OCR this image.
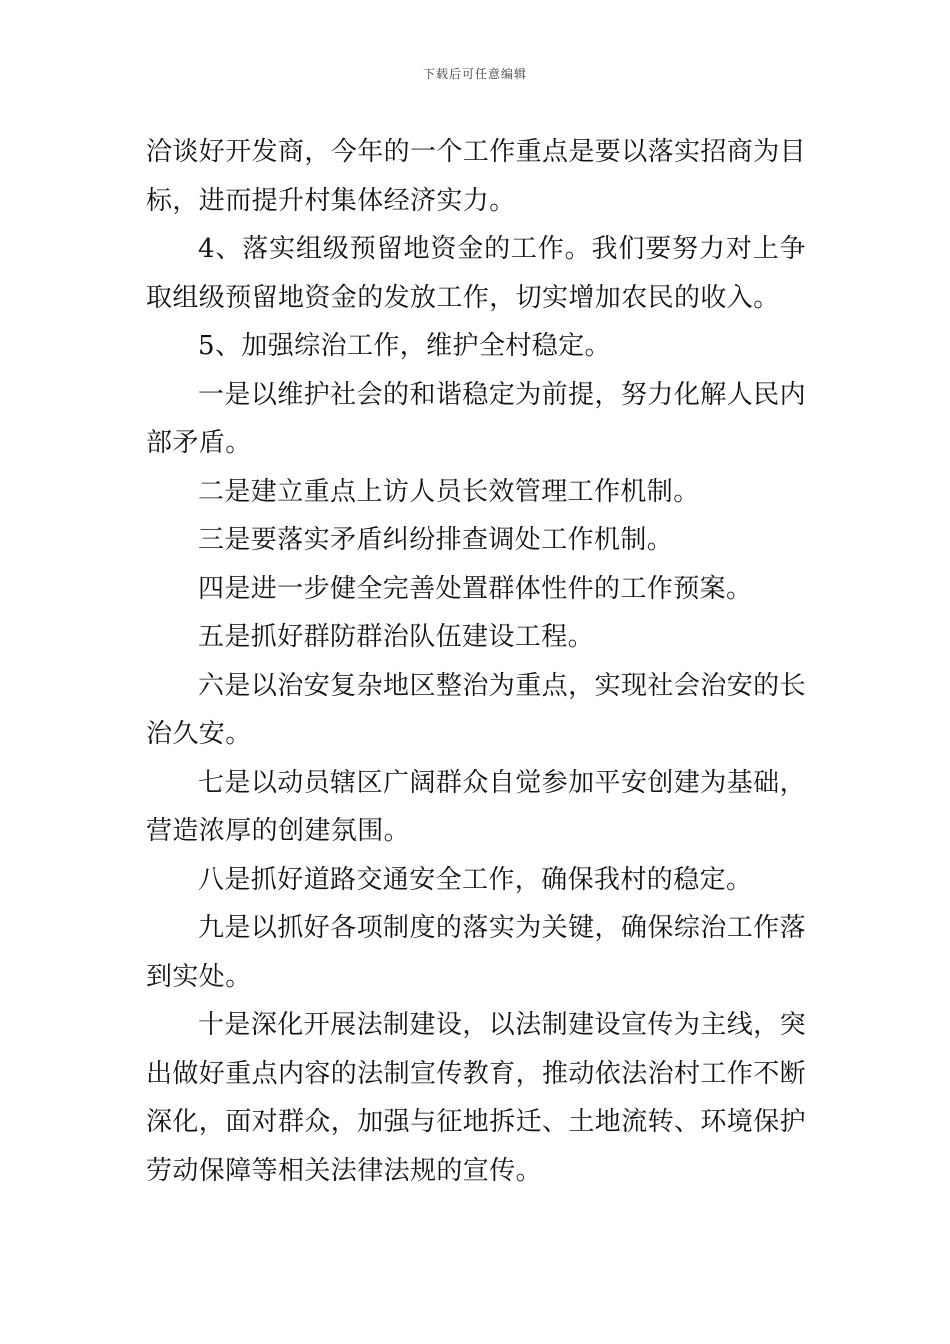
下载后可任意编辑

洽谈好开发商，今年的一个工作重点是要以落实招商为目标，进而提升村集体经济实力。

4、落实组级预留地资金的工作。我们要努力对上争取组级预留地资金的发放工作，切实增加农民的收入。

5、加强综治工作，维护全村稳定。

一是以维护社会的和谐稳定为前提，努力化解人民内部矛盾。

二是建立重点上访人员长效管理工作机制。

三是要落实矛盾纠纷排查调处工作机制。

四是进一步健全完善处置群体性件的工作预案。

五是抓好群防群治队伍建设工程。

六是以治安复杂地区整治为重点，实现社会治安的长治久安。

七是以动员辖区广阔群众自觉参加平安创建为基础，营造浓厚的创建氛围。

八是抓好道路交通安全工作，确保我村的稳定。

九是以抓好各项制度的落实为关键，确保综治工作落到实处。

十是深化开展法制建设，以法制建设宣传为主线，突出做好重点内容的法制宣传教育，推动依法治村工作不断深化，面对群众，加强与征地拆迁、土地流转、环境保护劳动保障等相关法律法规的宣传。
